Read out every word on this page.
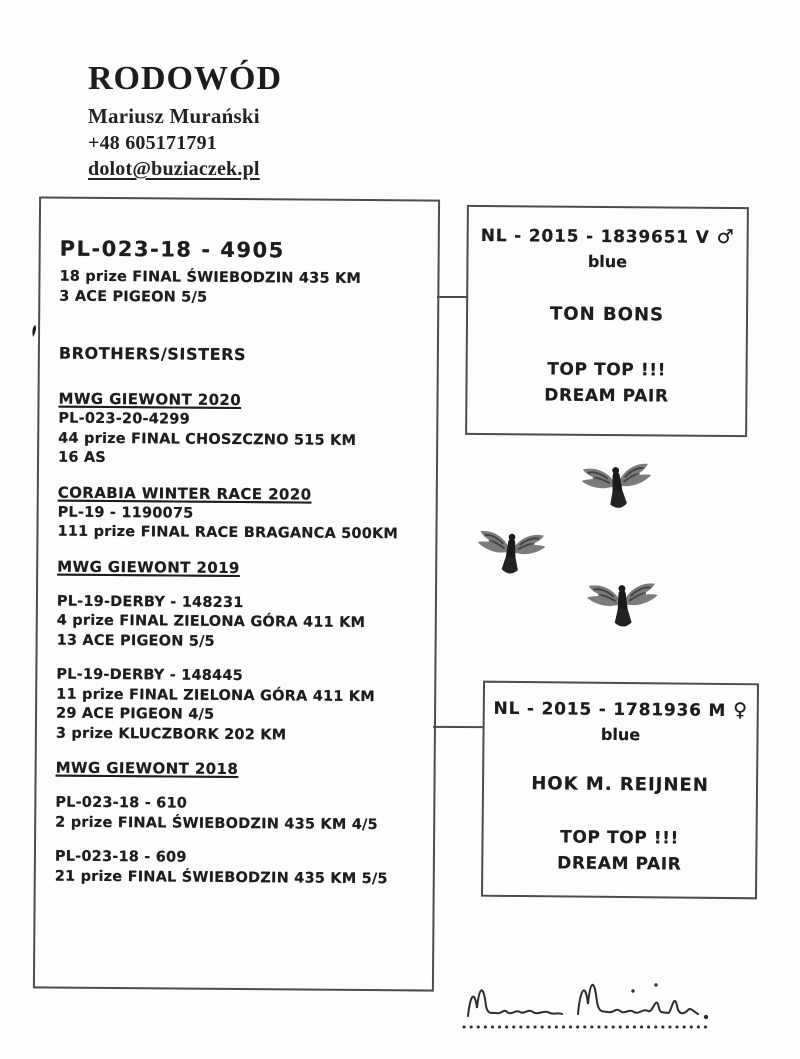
RODOWÓD
Mariusz Murański
+48 605171791
dolot@buziaczek.pl
PL-023-18 - 4905
18 prize FINAL ŚWIEBODZIN 435 KM
3 ACE PIGEON 5/5
BROTHERS/SISTERS
MWG GIEWONT 2020
PL-023-20-4299
44 prize FINAL CHOSZCZNO 515 KM
16 AS
CORABIA WINTER RACE 2020
PL-19 - 1190075
111 prize FINAL RACE BRAGANCA 500KM
MWG GIEWONT 2019
PL-19-DERBY - 148231
4 prize FINAL ZIELONA GÓRA 411 KM
13 ACE PIGEON 5/5
PL-19-DERBY - 148445
11 prize FINAL ZIELONA GÓRA 411 KM
29 ACE PIGEON 4/5
3 prize KLUCZBORK 202 KM
MWG GIEWONT 2018
PL-023-18 - 610
2 prize FINAL ŚWIEBODZIN 435 KM 4/5
PL-023-18 - 609
21 prize FINAL ŚWIEBODZIN 435 KM 5/5
NL - 2015 - 1839651 V ♂
blue
TON BONS
TOP TOP !!!
DREAM PAIR
NL - 2015 - 1781936 M ♀
blue
HOK M. REIJNEN
TOP TOP !!!
DREAM PAIR
